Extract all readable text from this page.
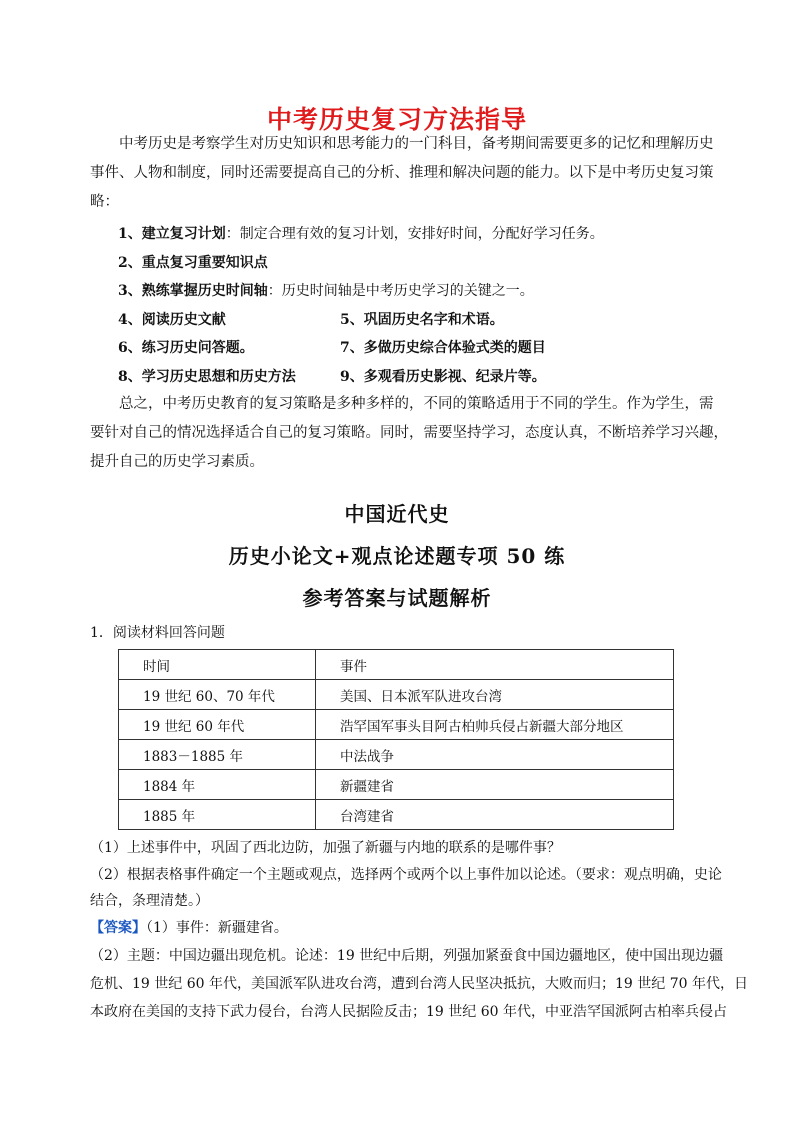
中考历史复习方法指导
中考历史是考察学生对历史知识和思考能力的一门科目，备考期间需要更多的记忆和理解历史
事件、人物和制度，同时还需要提高自己的分析、推理和解决问题的能力。以下是中考历史复习策
略：
1、建立复习计划：制定合理有效的复习计划，安排好时间，分配好学习任务。
2、重点复习重要知识点
3、熟练掌握历史时间轴：历史时间轴是中考历史学习的关键之一。
4、阅读历史文献	5、巩固历史名字和术语。
6、练习历史问答题。	7、多做历史综合体验式类的题目
8、学习历史思想和历史方法	9、多观看历史影视、纪录片等。
总之，中考历史教育的复习策略是多种多样的，不同的策略适用于不同的学生。作为学生，需
要针对自己的情况选择适合自己的复习策略。同时，需要坚持学习，态度认真，不断培养学习兴趣，
提升自己的历史学习素质。
中国近代史
历史小论文+观点论述题专项 50 练
参考答案与试题解析
1．阅读材料回答问题
时间	事件
19 世纪 60、70 年代	美国、日本派军队进攻台湾
19 世纪 60 年代	浩罕国军事头目阿古柏帅兵侵占新疆大部分地区
1883－1885 年	中法战争
1884 年	新疆建省
1885 年	台湾建省
（1）上述事件中，巩固了西北边防，加强了新疆与内地的联系的是哪件事？
（2）根据表格事件确定一个主题或观点，选择两个或两个以上事件加以论述。（要求：观点明确，史论
结合，条理清楚。）
【答案】（1）事件：新疆建省。
（2）主题：中国边疆出现危机。论述：19 世纪中后期，列强加紧蚕食中国边疆地区，使中国出现边疆
危机、19 世纪 60 年代，美国派军队进攻台湾，遭到台湾人民坚决抵抗，大败而归；19 世纪 70 年代，日
本政府在美国的支持下武力侵台，台湾人民据险反击；19 世纪 60 年代，中亚浩罕国派阿古柏率兵侵占
